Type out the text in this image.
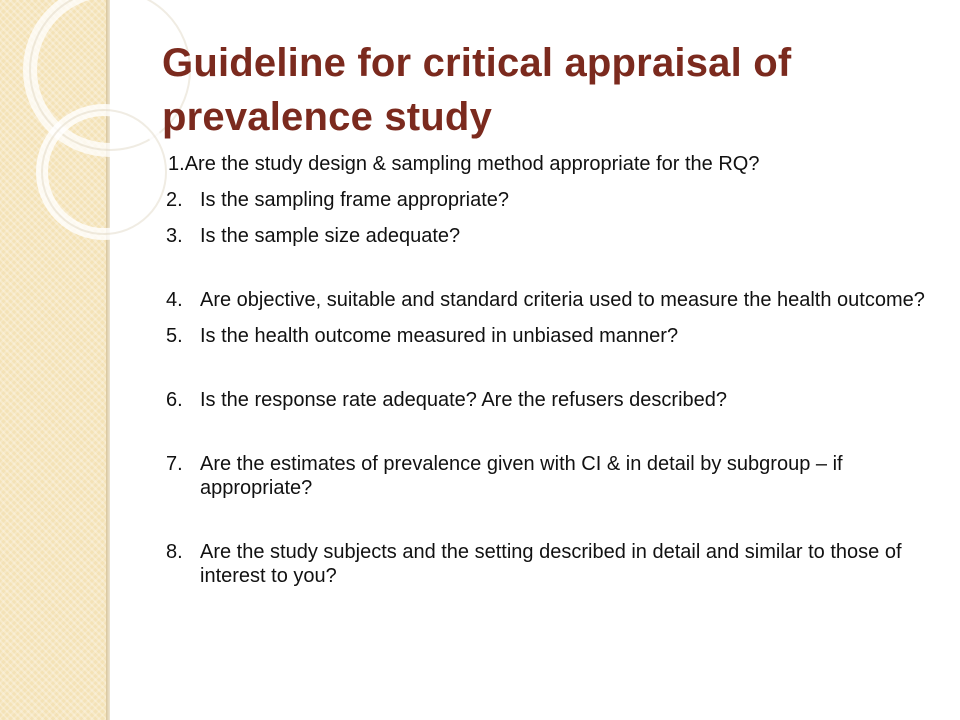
Guideline for critical appraisal of prevalence study
1. Are the study design & sampling method appropriate for the RQ?
2. Is the sampling frame appropriate?
3. Is the sample size adequate?
4. Are objective, suitable and standard criteria used to measure the health outcome?
5. Is the health outcome measured in unbiased manner?
6. Is the response rate adequate? Are the refusers described?
7. Are the estimates of prevalence given with CI & in detail by subgroup – if appropriate?
8. Are the study subjects and the setting described in detail and similar to those of interest to you?
